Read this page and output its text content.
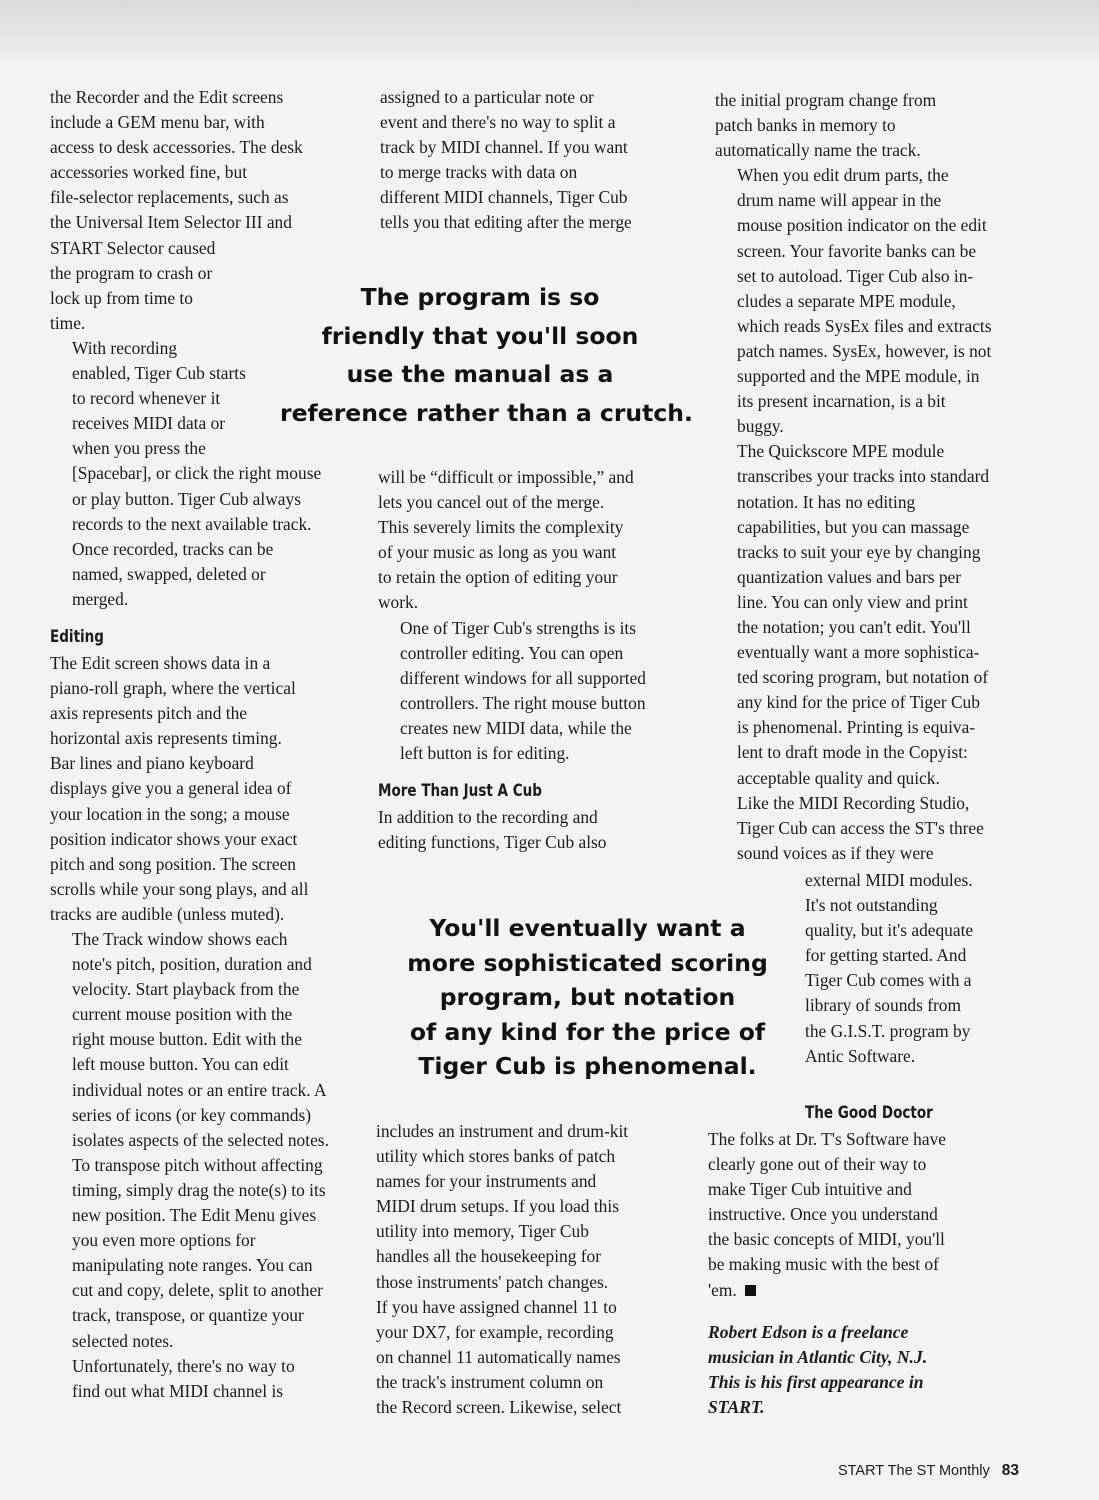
the Recorder and the Edit screens
include a GEM menu bar, with
access to desk accessories. The desk
accessories worked fine, but
file-selector replacements, such as
the Universal Item Selector III and
START Selector caused
the program to crash or
lock up from time to
time.

With recording
enabled, Tiger Cub starts
to record whenever it
receives MIDI data or
when you press the
[Spacebar], or click the right mouse
or play button. Tiger Cub always
records to the next available track.
Once recorded, tracks can be
named, swapped, deleted or
merged.

Editing

The Edit screen shows data in a
piano-roll graph, where the vertical
axis represents pitch and the
horizontal axis represents timing.
Bar lines and piano keyboard
displays give you a general idea of
your location in the song; a mouse
position indicator shows your exact
pitch and song position. The screen
scrolls while your song plays, and all
tracks are audible (unless muted).

The Track window shows each
note's pitch, position, duration and
velocity. Start playback from the
current mouse position with the
right mouse button. Edit with the
left mouse button. You can edit
individual notes or an entire track. A
series of icons (or key commands)
isolates aspects of the selected notes.
To transpose pitch without affecting
timing, simply drag the note(s) to its
new position. The Edit Menu gives
you even more options for
manipulating note ranges. You can
cut and copy, delete, split to another
track, transpose, or quantize your
selected notes.

Unfortunately, there's no way to
find out what MIDI channel is

assigned to a particular note or
event and there's no way to split a
track by MIDI channel. If you want
to merge tracks with data on
different MIDI channels, Tiger Cub
tells you that editing after the merge

will be “difficult or impossible,” and
lets you cancel out of the merge.
This severely limits the complexity
of your music as long as you want
to retain the option of editing your
work.

One of Tiger Cub's strengths is its
controller editing. You can open
different windows for all supported
controllers. The right mouse button
creates new MIDI data, while the
left button is for editing.

More Than Just A Cub

In addition to the recording and
editing functions, Tiger Cub also

includes an instrument and drum-kit
utility which stores banks of patch
names for your instruments and
MIDI drum setups. If you load this
utility into memory, Tiger Cub
handles all the housekeeping for
those instruments' patch changes.
If you have assigned channel 11 to
your DX7, for example, recording
on channel 11 automatically names
the track's instrument column on
the Record screen. Likewise, select

the initial program change from
patch banks in memory to
automatically name the track.

When you edit drum parts, the
drum name will appear in the
mouse position indicator on the edit
screen. Your favorite banks can be
set to autoload. Tiger Cub also in-
cludes a separate MPE module,
which reads SysEx files and extracts
patch names. SysEx, however, is not
supported and the MPE module, in
its present incarnation, is a bit
buggy.

The Quickscore MPE module
transcribes your tracks into standard
notation. It has no editing
capabilities, but you can massage
tracks to suit your eye by changing
quantization values and bars per
line. You can only view and print
the notation; you can't edit. You'll
eventually want a more sophistica-
ted scoring program, but notation of
any kind for the price of Tiger Cub
is phenomenal. Printing is equiva-
lent to draft mode in the Copyist:
acceptable quality and quick.

Like the MIDI Recording Studio,
Tiger Cub can access the ST's three
sound voices as if they were

external MIDI modules.
It's not outstanding
quality, but it's adequate
for getting started. And
Tiger Cub comes with a
library of sounds from
the G.I.S.T. program by
Antic Software.

The Good Doctor

The folks at Dr. T's Software have
clearly gone out of their way to
make Tiger Cub intuitive and
instructive. Once you understand
the basic concepts of MIDI, you'll
be making music with the best of
'em.

Robert Edson is a freelance
musician in Atlantic City, N.J.
This is his first appearance in
START.
The program is so
friendly that you'll soon
use the manual as a
reference rather than a crutch.
You'll eventually want a
more sophisticated scoring
program, but notation
of any kind for the price of
Tiger Cub is phenomenal.
START The ST Monthly 83
